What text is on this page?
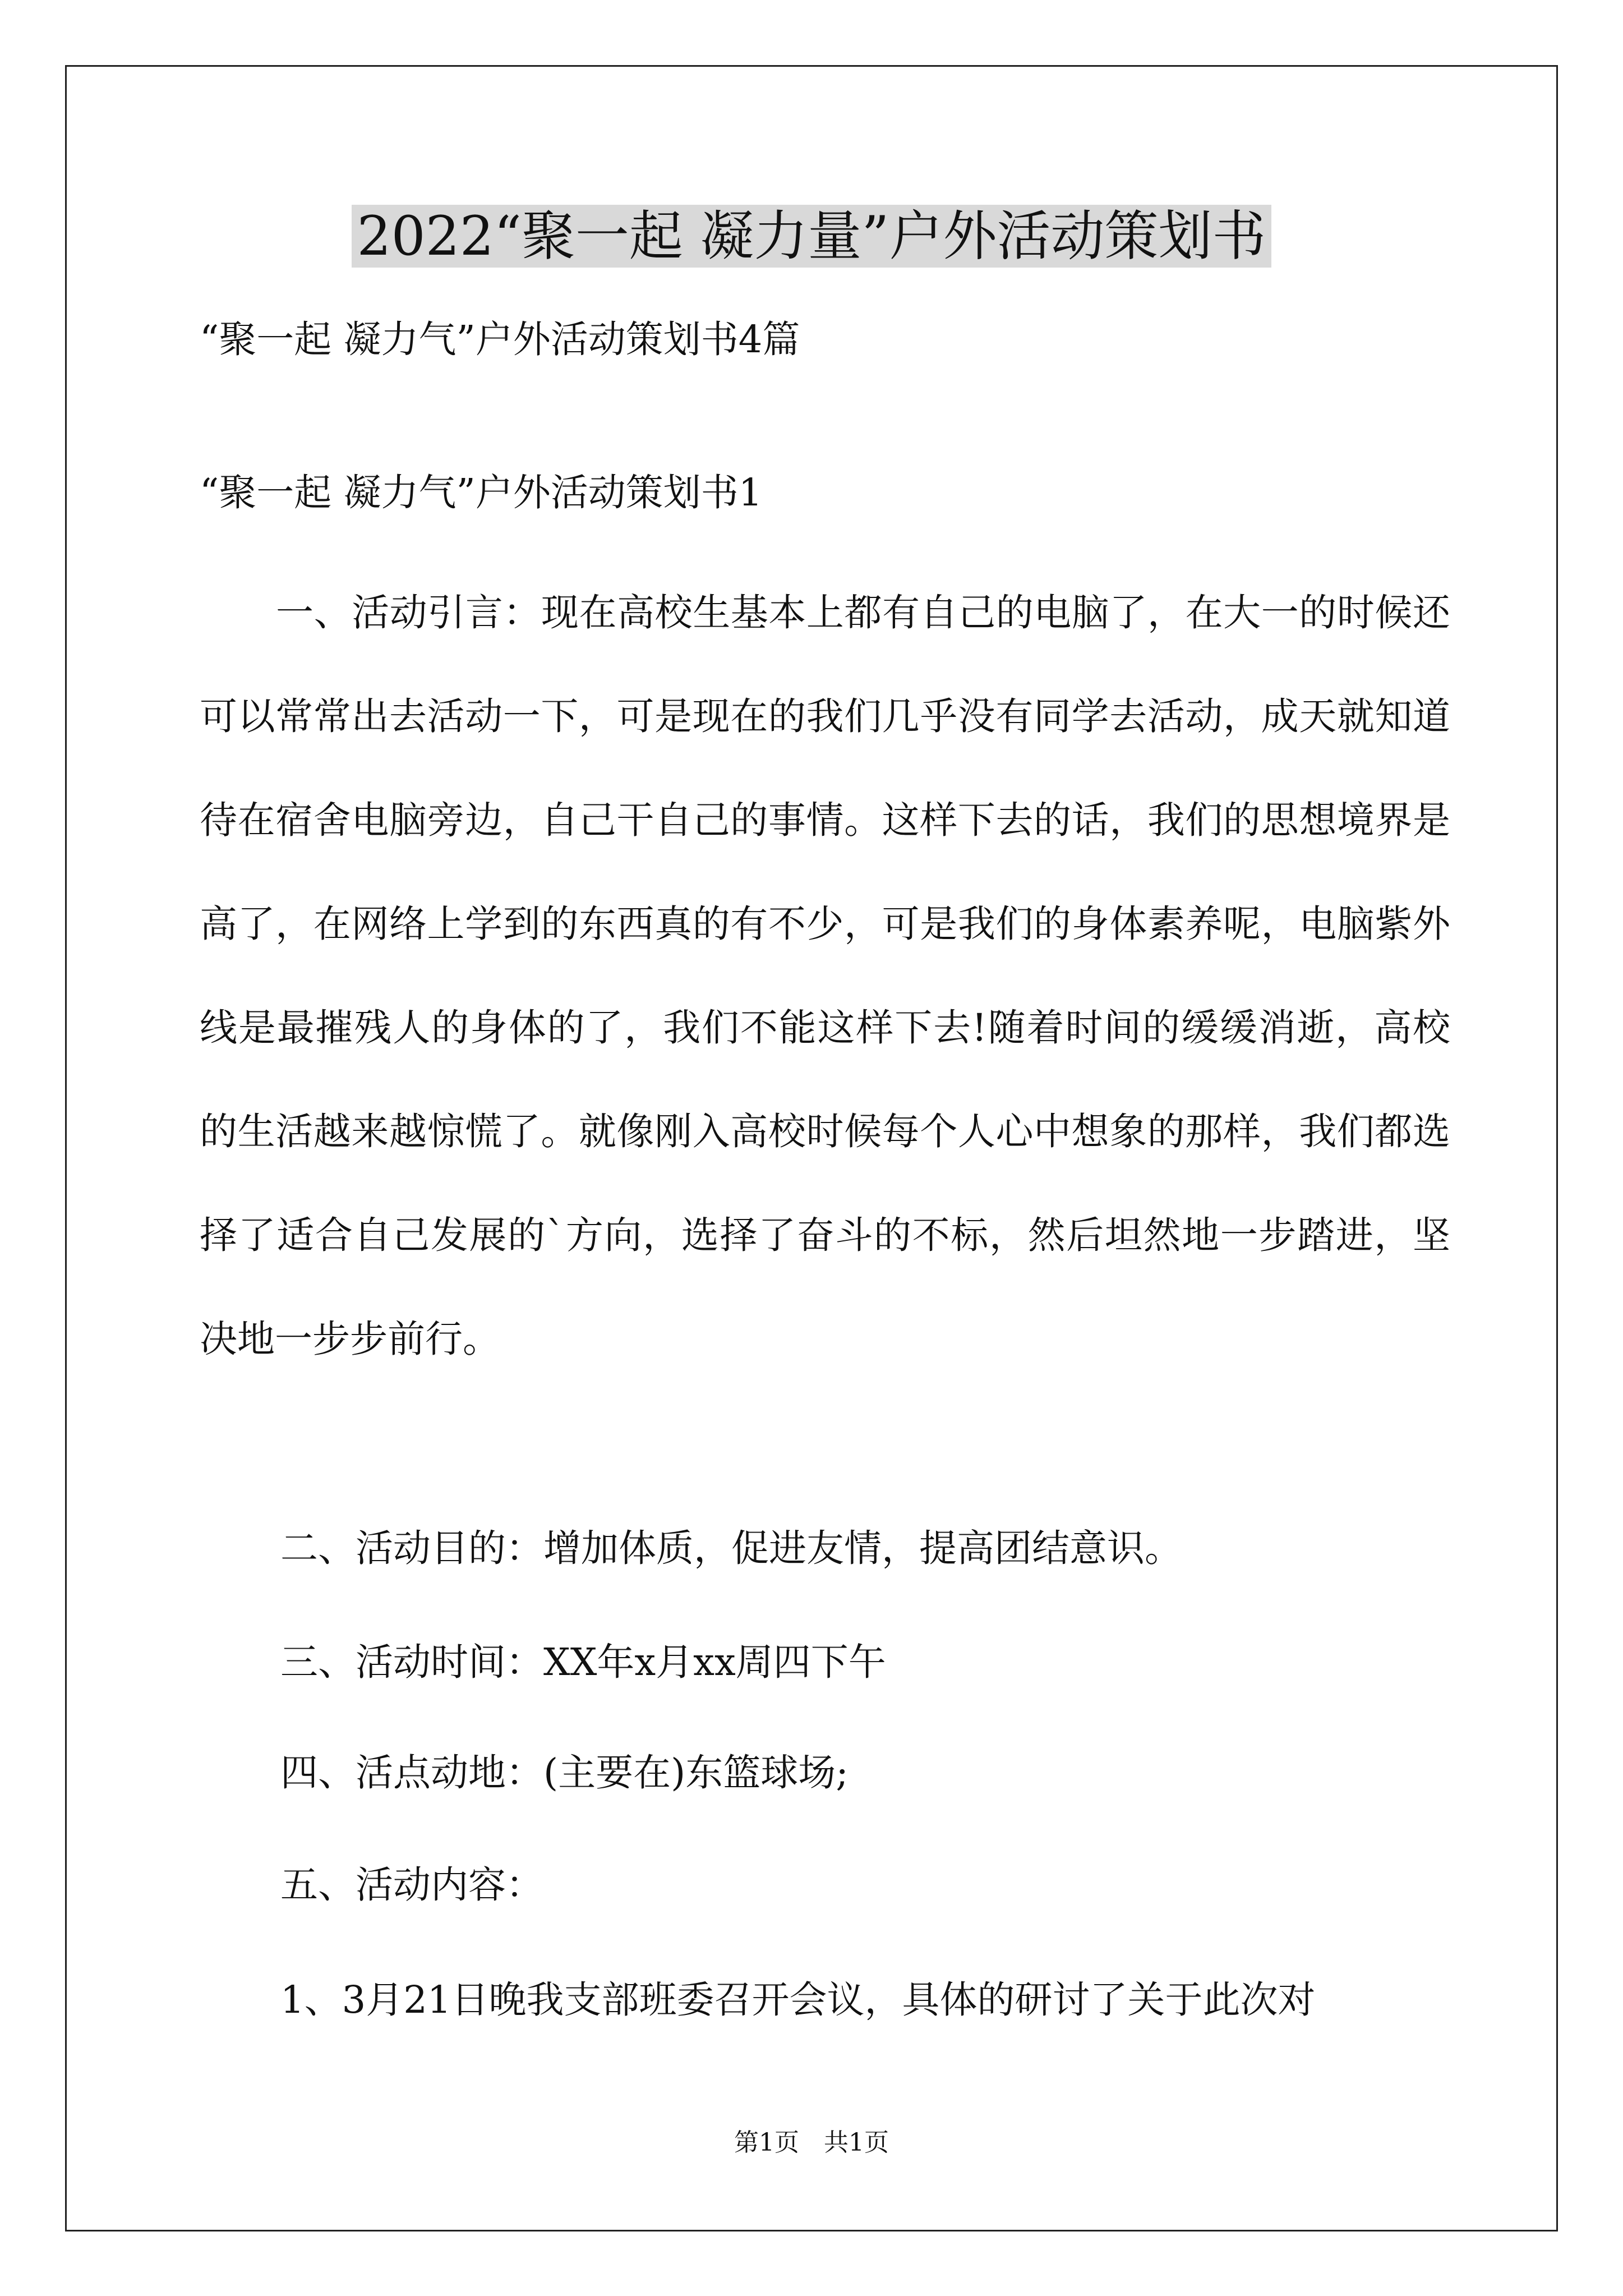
2022“聚一起 凝力量”户外活动策划书
“聚一起 凝力气”户外活动策划书4篇
“聚一起 凝力气”户外活动策划书1
一、活动引言：现在高校生基本上都有自己的电脑了，在大一的时候还可以常常出去活动一下，可是现在的我们几乎没有同学去活动，成天就知道待在宿舍电脑旁边，自己干自己的事情。这样下去的话，我们的思想境界是高了，在网络上学到的东西真的有不少，可是我们的身体素养呢，电脑紫外线是最摧残人的身体的了，我们不能这样下去!随着时间的缓缓消逝，高校的生活越来越惊慌了。就像刚入高校时候每个人心中想象的那样，我们都选择了适合自己发展的`方向，选择了奋斗的不标，然后坦然地一步踏进，坚决地一步步前行。
二、活动目的：增加体质，促进友情，提高团结意识。
三、活动时间：XX年x月xx周四下午
四、活点动地：(主要在)东篮球场;
五、活动内容：
1、3月21日晚我支部班委召开会议，具体的研讨了关于此次对
第1页　共1页
